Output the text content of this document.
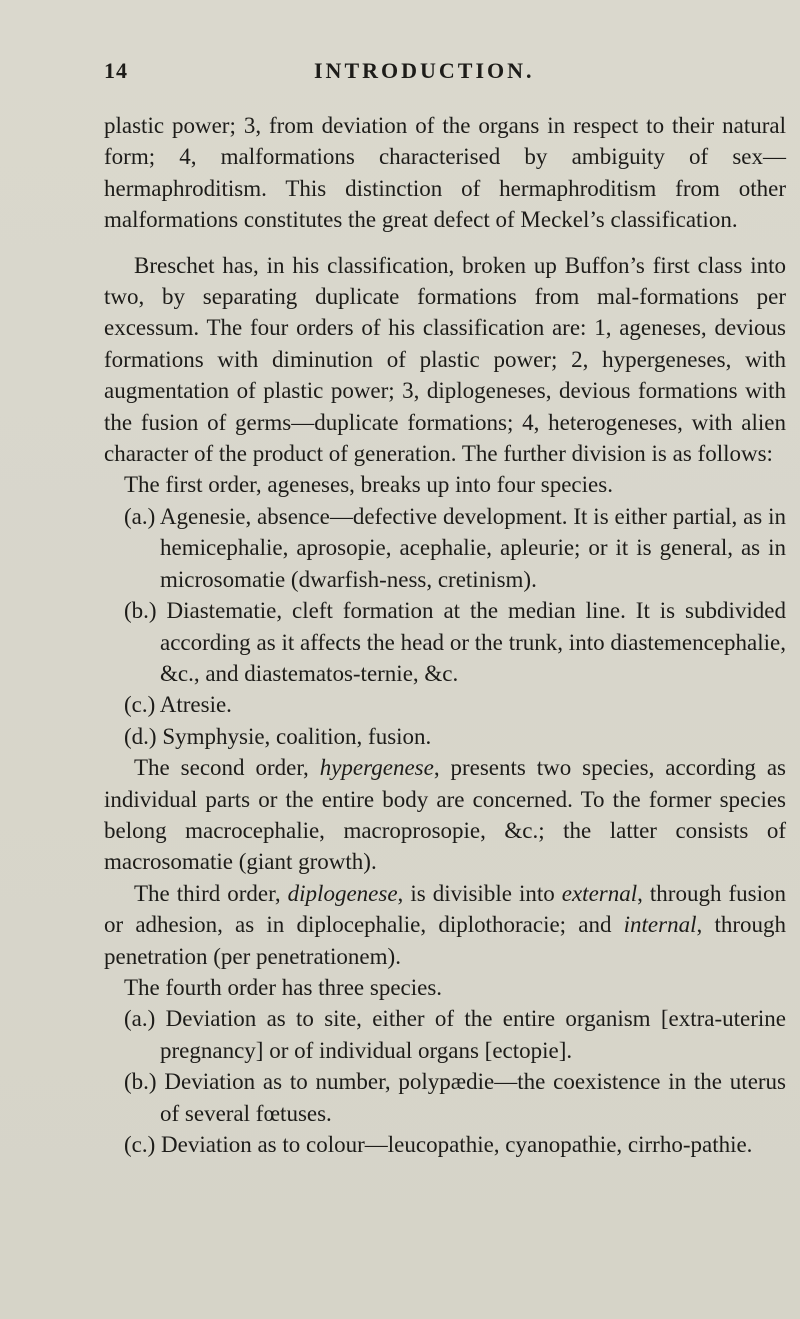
14	INTRODUCTION.

plastic power; 3, from deviation of the organs in respect to their natural form; 4, malformations characterised by ambiguity of sex—hermaphroditism. This distinction of hermaphroditism from other malformations constitutes the great defect of Meckel’s classification.

Breschet has, in his classification, broken up Buffon’s first class into two, by separating duplicate formations from mal-formations per excessum. The four orders of his classification are: 1, ageneses, devious formations with diminution of plastic power; 2, hypergeneses, with augmentation of plastic power; 3, diplogeneses, devious formations with the fusion of germs—duplicate formations; 4, heterogeneses, with alien character of the product of generation. The further division is as follows:

The first order, ageneses, breaks up into four species.

(a.) Agenesie, absence—defective development. It is either partial, as in hemicephalie, aprosopie, acephalie, apleurie; or it is general, as in microsomatie (dwarfish-ness, cretinism).

(b.) Diastematie, cleft formation at the median line. It is subdivided according as it affects the head or the trunk, into diastemencephalie, &c., and diastematos-ternie, &c.

(c.) Atresie.

(d.) Symphysie, coalition, fusion.

The second order, hypergenese, presents two species, according as individual parts or the entire body are concerned. To the former species belong macrocephalie, macroprosopie, &c.; the latter consists of macrosomatie (giant growth).

The third order, diplogenese, is divisible into external, through fusion or adhesion, as in diplocephalie, diplothoracie; and internal, through penetration (per penetrationem).

The fourth order has three species.

(a.) Deviation as to site, either of the entire organism [extra-uterine pregnancy] or of individual organs [ectopie].

(b.) Deviation as to number, polypædie—the coexistence in the uterus of several fœtuses.

(c.) Deviation as to colour—leucopathie, cyanopathie, cirrho-pathie.
